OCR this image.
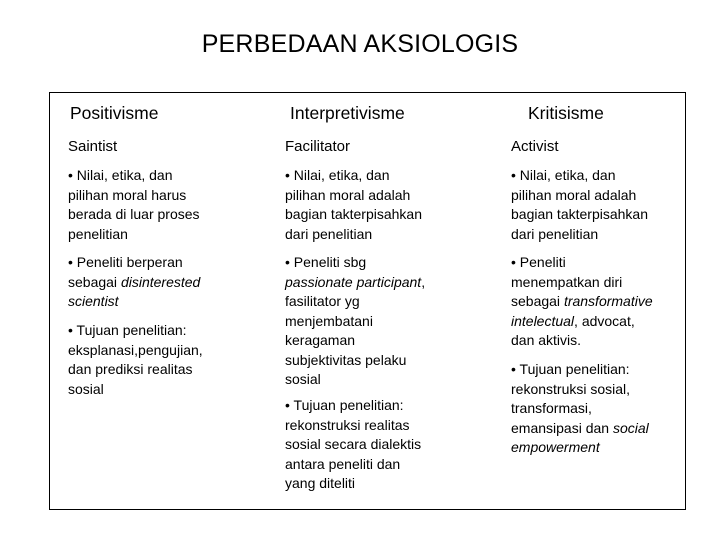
PERBEDAAN AKSIOLOGIS
Positivisme
Saintist

• Nilai, etika, dan
pilihan moral harus
berada di luar proses
penelitian

• Peneliti berperan
sebagai disinterested
scientist

• Tujuan penelitian:
eksplanasi,pengujian,
dan prediksi realitas
sosial

Interpretivisme
Facilitator

• Nilai, etika, dan
pilihan moral adalah
bagian takterpisahkan
dari penelitian

• Peneliti sbg
passionate participant,
fasilitator yg
menjembatani
keragaman
subjektivitas pelaku
sosial

• Tujuan penelitian:
rekonstruksi realitas
sosial secara dialektis
antara peneliti dan
yang diteliti

Kritisisme
Activist

• Nilai, etika, dan
pilihan moral adalah
bagian takterpisahkan
dari penelitian

• Peneliti
menempatkan diri
sebagai transformative
intelectual, advocat,
dan aktivis.

• Tujuan penelitian:
rekonstruksi sosial,
transformasi,
emansipasi dan social
empowerment
